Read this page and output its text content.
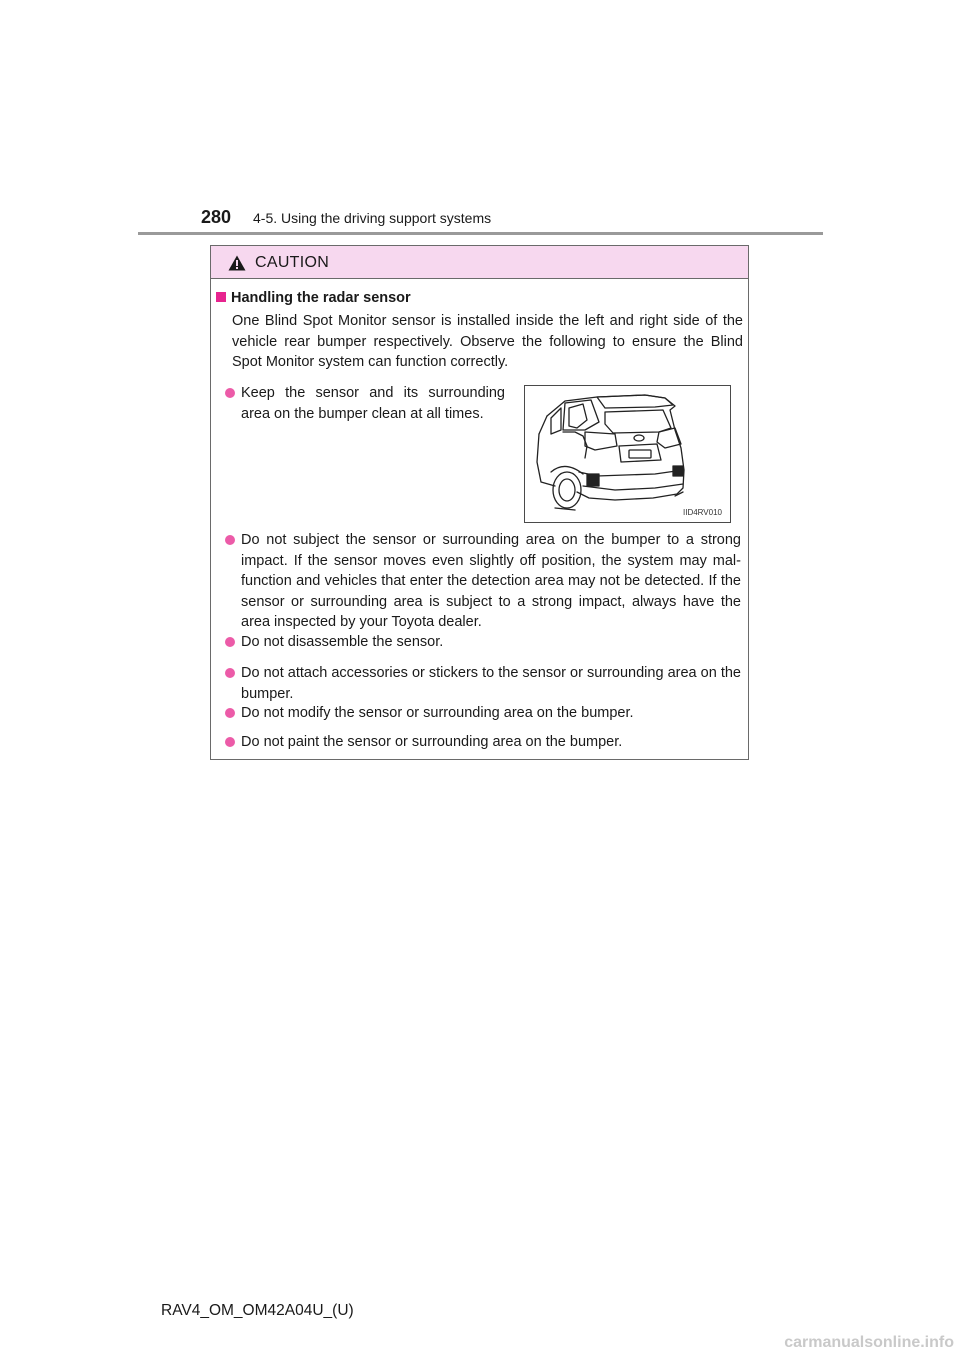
280 4-5. Using the driving support systems
CAUTION
Handling the radar sensor
One Blind Spot Monitor sensor is installed inside the left and right side of the vehicle rear bumper respectively. Observe the following to ensure the Blind Spot Monitor system can function correctly.
Keep the sensor and its surrounding area on the bumper clean at all times.
IID4RV010
Do not subject the sensor or surrounding area on the bumper to a strong impact. If the sensor moves even slightly off position, the system may mal-function and vehicles that enter the detection area may not be detected. If the sensor or surrounding area is subject to a strong impact, always have the area inspected by your Toyota dealer.
Do not disassemble the sensor.
Do not attach accessories or stickers to the sensor or surrounding area on the bumper.
Do not modify the sensor or surrounding area on the bumper.
Do not paint the sensor or surrounding area on the bumper.
RAV4_OM_OM42A04U_(U)
carmanualsonline.info
